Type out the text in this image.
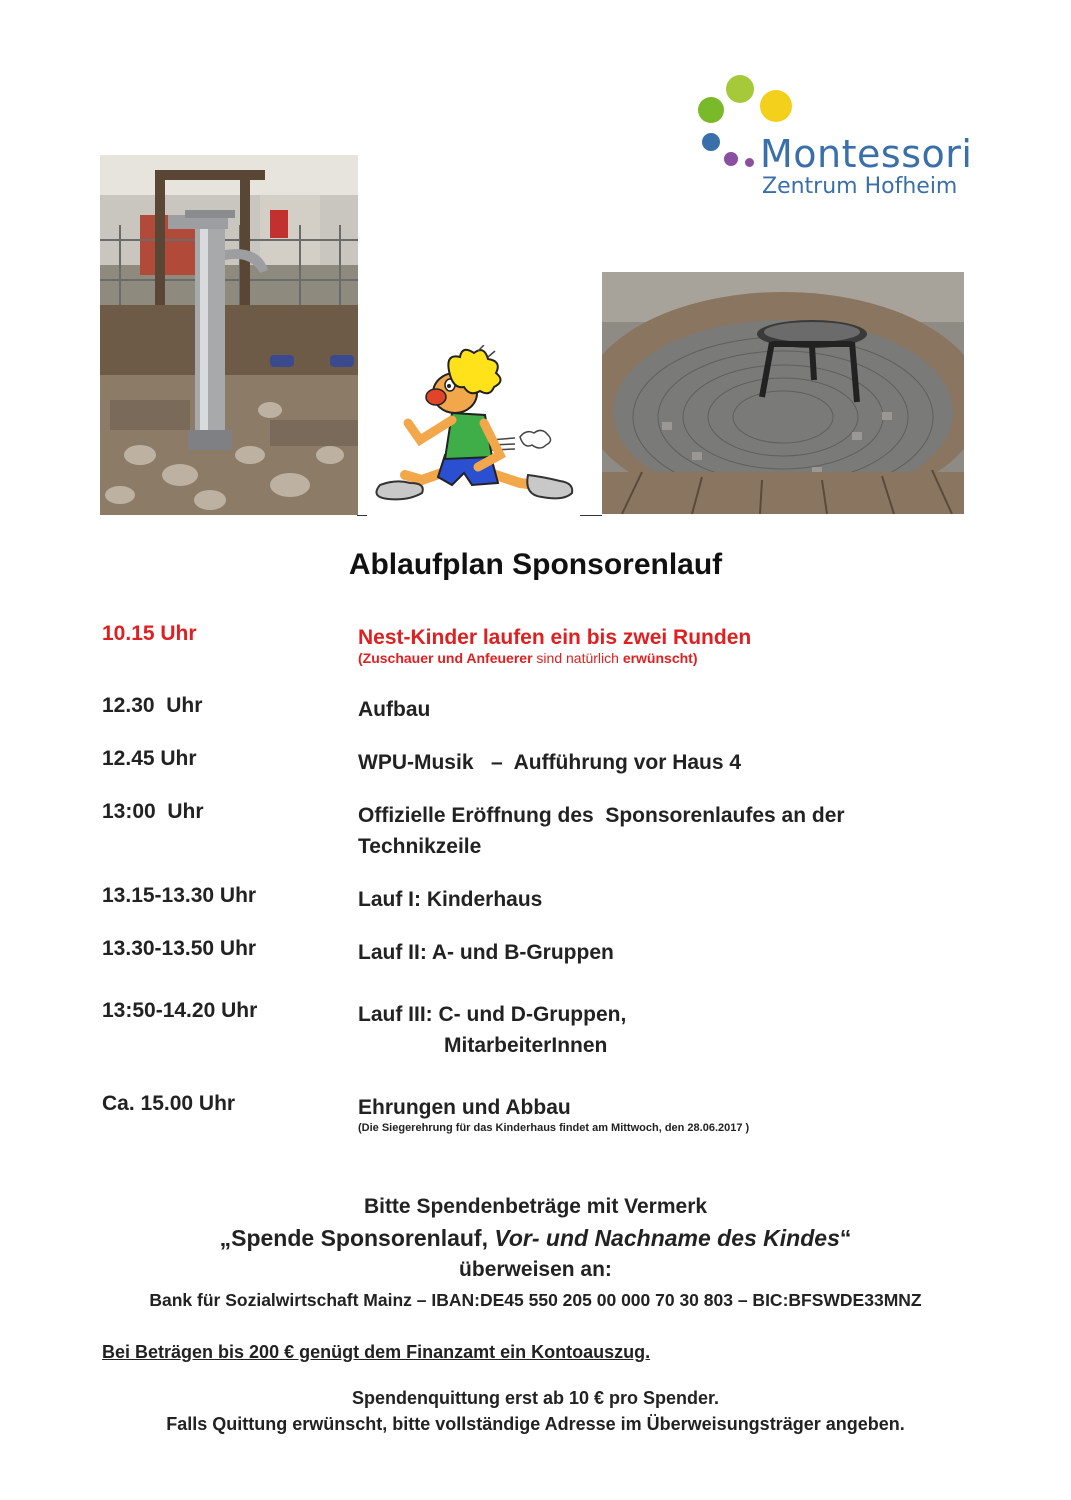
Montessori
Zentrum Hofheim
Ablaufplan Sponsorenlauf
10.15 Uhr	Nest-Kinder laufen ein bis zwei Runden
(Zuschauer und Anfeuerer sind natürlich erwünscht)
12.30  Uhr	Aufbau
12.45 Uhr	WPU-Musik   –  Aufführung vor Haus 4
13:00  Uhr	Offizielle Eröffnung des  Sponsorenlaufes an der
Technikzeile
13.15-13.30 Uhr	Lauf I: Kinderhaus
13.30-13.50 Uhr	Lauf II: A- und B-Gruppen
13:50-14.20 Uhr	Lauf III: C- und D-Gruppen,
MitarbeiterInnen
Ca. 15.00 Uhr	Ehrungen und Abbau
(Die Siegerehrung für das Kinderhaus findet am Mittwoch, den 28.06.2017 )
Bitte Spendenbeträge mit Vermerk
„Spende Sponsorenlauf, Vor- und Nachname des Kindes“
überweisen an:
Bank für Sozialwirtschaft Mainz – IBAN:DE45 550 205 00 000 70 30 803 – BIC:BFSWDE33MNZ
Bei Beträgen bis 200 € genügt dem Finanzamt ein Kontoauszug.
Spendenquittung erst ab 10 € pro Spender.
Falls Quittung erwünscht, bitte vollständige Adresse im Überweisungsträger angeben.
